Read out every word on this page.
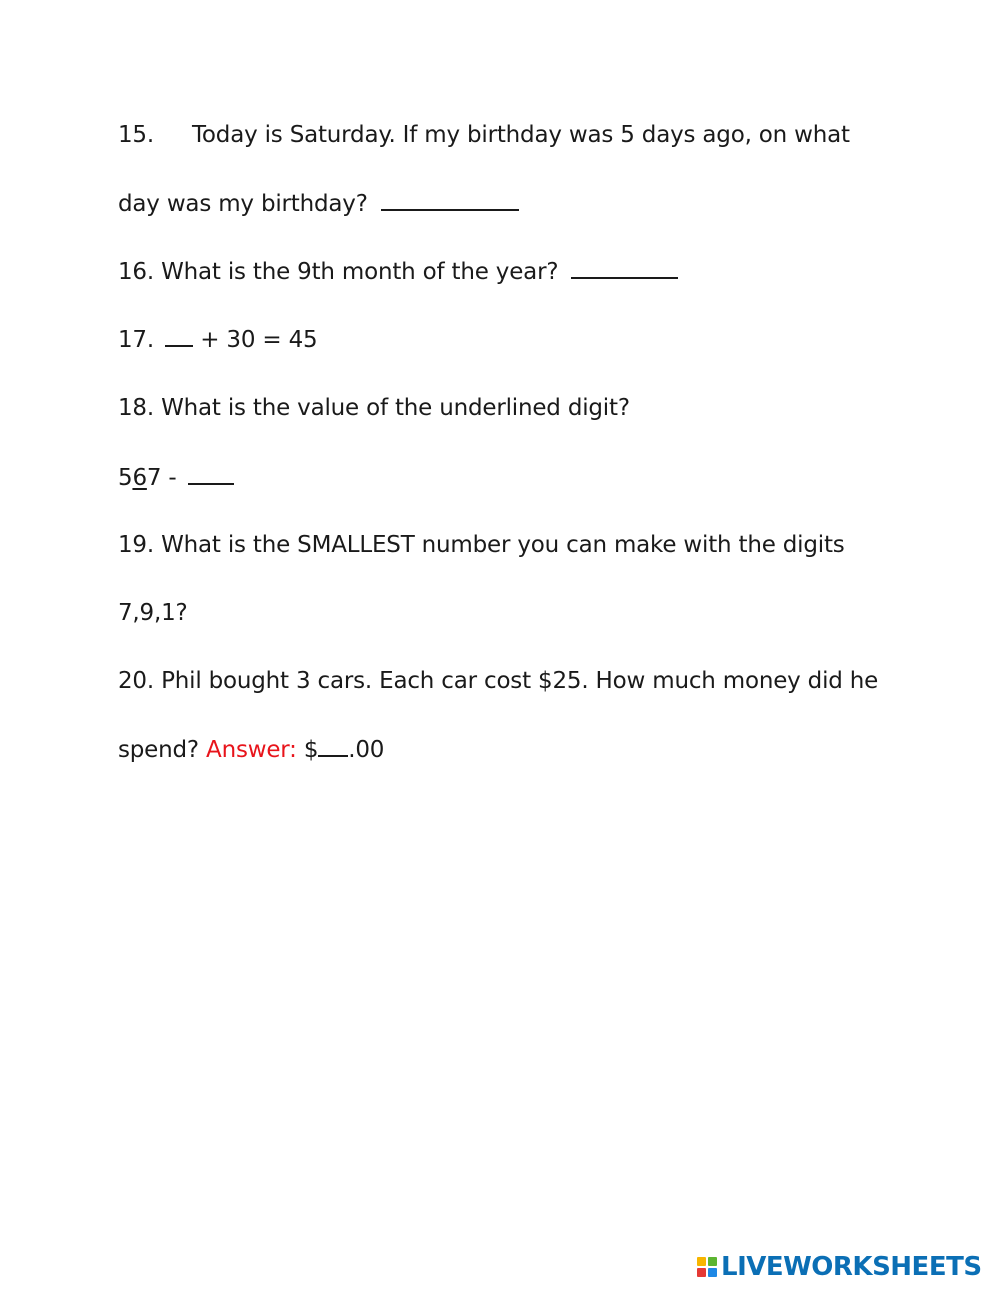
15. Today is Saturday. If my birthday was 5 days ago, on what
day was my birthday?
16. What is the 9th month of the year?
17. + 30 = 45
18. What is the value of the underlined digit?
567 -
19. What is the SMALLEST number you can make with the digits
7,9,1?
20. Phil bought 3 cars. Each car cost $25. How much money did he
spend? Answer: $ .00
LIVEWORKSHEETS
